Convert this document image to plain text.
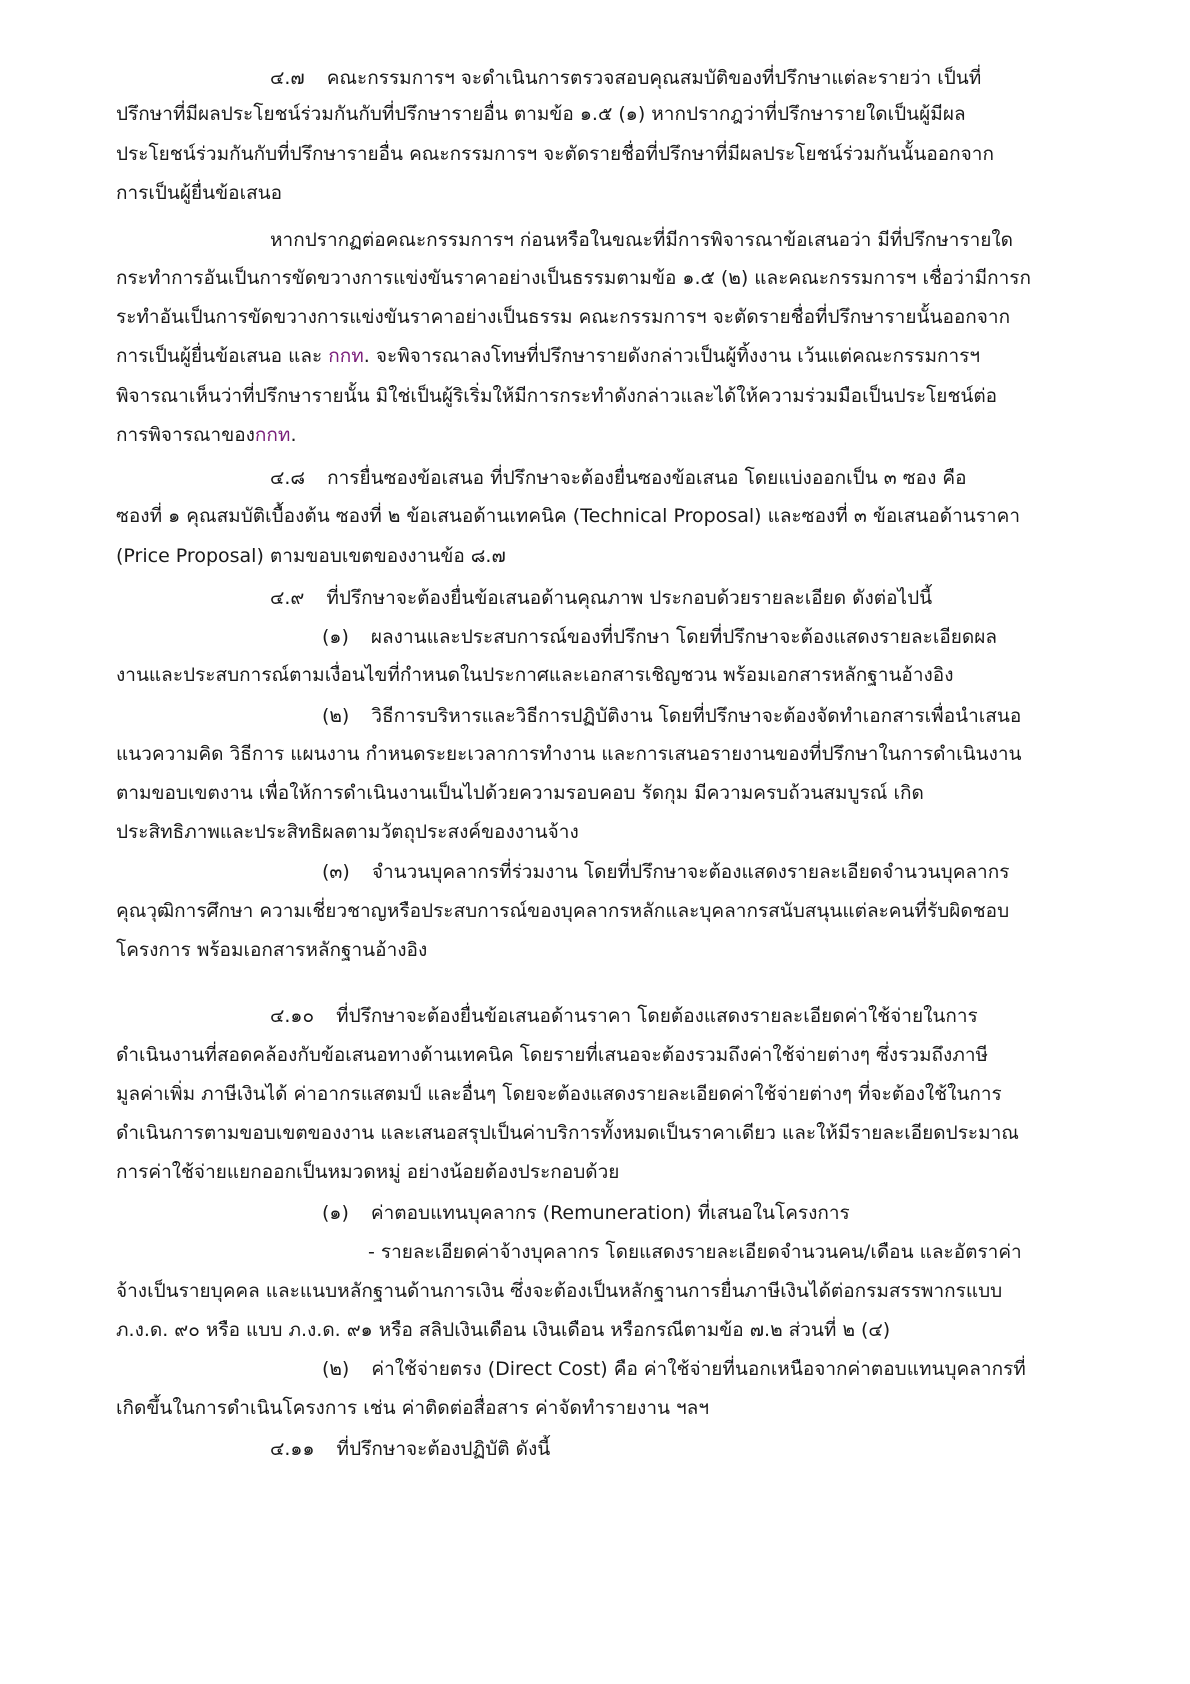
๔.๗ คณะกรรมการฯ จะดำเนินการตรวจสอบคุณสมบัติของที่ปรึกษาแต่ละรายว่า เป็นที่
ปรึกษาที่มีผลประโยชน์ร่วมกันกับที่ปรึกษารายอื่น ตามข้อ ๑.๕ (๑) หากปรากฎว่าที่ปรึกษารายใดเป็นผู้มีผล
ประโยชน์ร่วมกันกับที่ปรึกษารายอื่น คณะกรรมการฯ จะตัดรายชื่อที่ปรึกษาที่มีผลประโยชน์ร่วมกันนั้นออกจาก
การเป็นผู้ยื่นข้อเสนอ
หากปรากฏต่อคณะกรรมการฯ ก่อนหรือในขณะที่มีการพิจารณาข้อเสนอว่า มีที่ปรึกษารายใด
กระทำการอันเป็นการขัดขวางการแข่งขันราคาอย่างเป็นธรรมตามข้อ ๑.๕ (๒) และคณะกรรมการฯ เชื่อว่ามีการก
ระทำอันเป็นการขัดขวางการแข่งขันราคาอย่างเป็นธรรม คณะกรรมการฯ จะตัดรายชื่อที่ปรึกษารายนั้นออกจาก
การเป็นผู้ยื่นข้อเสนอ และ กกท. จะพิจารณาลงโทษที่ปรึกษารายดังกล่าวเป็นผู้ทิ้งงาน เว้นแต่คณะกรรมการฯ
พิจารณาเห็นว่าที่ปรึกษารายนั้น มิใช่เป็นผู้ริเริ่มให้มีการกระทำดังกล่าวและได้ให้ความร่วมมือเป็นประโยชน์ต่อ
การพิจารณาของกกท.
๔.๘ การยื่นซองข้อเสนอ ที่ปรึกษาจะต้องยื่นซองข้อเสนอ โดยแบ่งออกเป็น ๓ ซอง คือ
ซองที่ ๑ คุณสมบัติเบื้องต้น ซองที่ ๒ ข้อเสนอด้านเทคนิค (Technical Proposal) และซองที่ ๓ ข้อเสนอด้านราคา
(Price Proposal) ตามขอบเขตของงานข้อ ๘.๗
๔.๙ ที่ปรึกษาจะต้องยื่นข้อเสนอด้านคุณภาพ ประกอบด้วยรายละเอียด ดังต่อไปนี้
(๑) ผลงานและประสบการณ์ของที่ปรึกษา โดยที่ปรึกษาจะต้องแสดงรายละเอียดผล
งานและประสบการณ์ตามเงื่อนไขที่กำหนดในประกาศและเอกสารเชิญชวน พร้อมเอกสารหลักฐานอ้างอิง
(๒) วิธีการบริหารและวิธีการปฏิบัติงาน โดยที่ปรึกษาจะต้องจัดทำเอกสารเพื่อนำเสนอ
แนวความคิด วิธีการ แผนงาน กำหนดระยะเวลาการทำงาน และการเสนอรายงานของที่ปรึกษาในการดำเนินงาน
ตามขอบเขตงาน เพื่อให้การดำเนินงานเป็นไปด้วยความรอบคอบ รัดกุม มีความครบถ้วนสมบูรณ์ เกิด
ประสิทธิภาพและประสิทธิผลตามวัตถุประสงค์ของงานจ้าง
(๓) จำนวนบุคลากรที่ร่วมงาน โดยที่ปรึกษาจะต้องแสดงรายละเอียดจำนวนบุคลากร
คุณวุฒิการศึกษา ความเชี่ยวชาญหรือประสบการณ์ของบุคลากรหลักและบุคลากรสนับสนุนแต่ละคนที่รับผิดชอบ
โครงการ พร้อมเอกสารหลักฐานอ้างอิง
๔.๑๐ ที่ปรึกษาจะต้องยื่นข้อเสนอด้านราคา โดยต้องแสดงรายละเอียดค่าใช้จ่ายในการ
ดำเนินงานที่สอดคล้องกับข้อเสนอทางด้านเทคนิค โดยรายที่เสนอจะต้องรวมถึงค่าใช้จ่ายต่างๆ ซึ่งรวมถึงภาษี
มูลค่าเพิ่ม ภาษีเงินได้ ค่าอากรแสตมป์ และอื่นๆ โดยจะต้องแสดงรายละเอียดค่าใช้จ่ายต่างๆ ที่จะต้องใช้ในการ
ดำเนินการตามขอบเขตของงาน และเสนอสรุปเป็นค่าบริการทั้งหมดเป็นราคาเดียว และให้มีรายละเอียดประมาณ
การค่าใช้จ่ายแยกออกเป็นหมวดหมู่ อย่างน้อยต้องประกอบด้วย
(๑) ค่าตอบแทนบุคลากร (Remuneration) ที่เสนอในโครงการ
- รายละเอียดค่าจ้างบุคลากร โดยแสดงรายละเอียดจำนวนคน/เดือน และอัตราค่า
จ้างเป็นรายบุคคล และแนบหลักฐานด้านการเงิน ซึ่งจะต้องเป็นหลักฐานการยื่นภาษีเงินได้ต่อกรมสรรพากรแบบ
ภ.ง.ด. ๙๐ หรือ แบบ ภ.ง.ด. ๙๑ หรือ สลิปเงินเดือน เงินเดือน หรือกรณีตามข้อ ๗.๒ ส่วนที่ ๒ (๔)
(๒) ค่าใช้จ่ายตรง (Direct Cost) คือ ค่าใช้จ่ายที่นอกเหนือจากค่าตอบแทนบุคลากรที่
เกิดขึ้นในการดำเนินโครงการ เช่น ค่าติดต่อสื่อสาร ค่าจัดทำรายงาน ฯลฯ
๔.๑๑ ที่ปรึกษาจะต้องปฏิบัติ ดังนี้
